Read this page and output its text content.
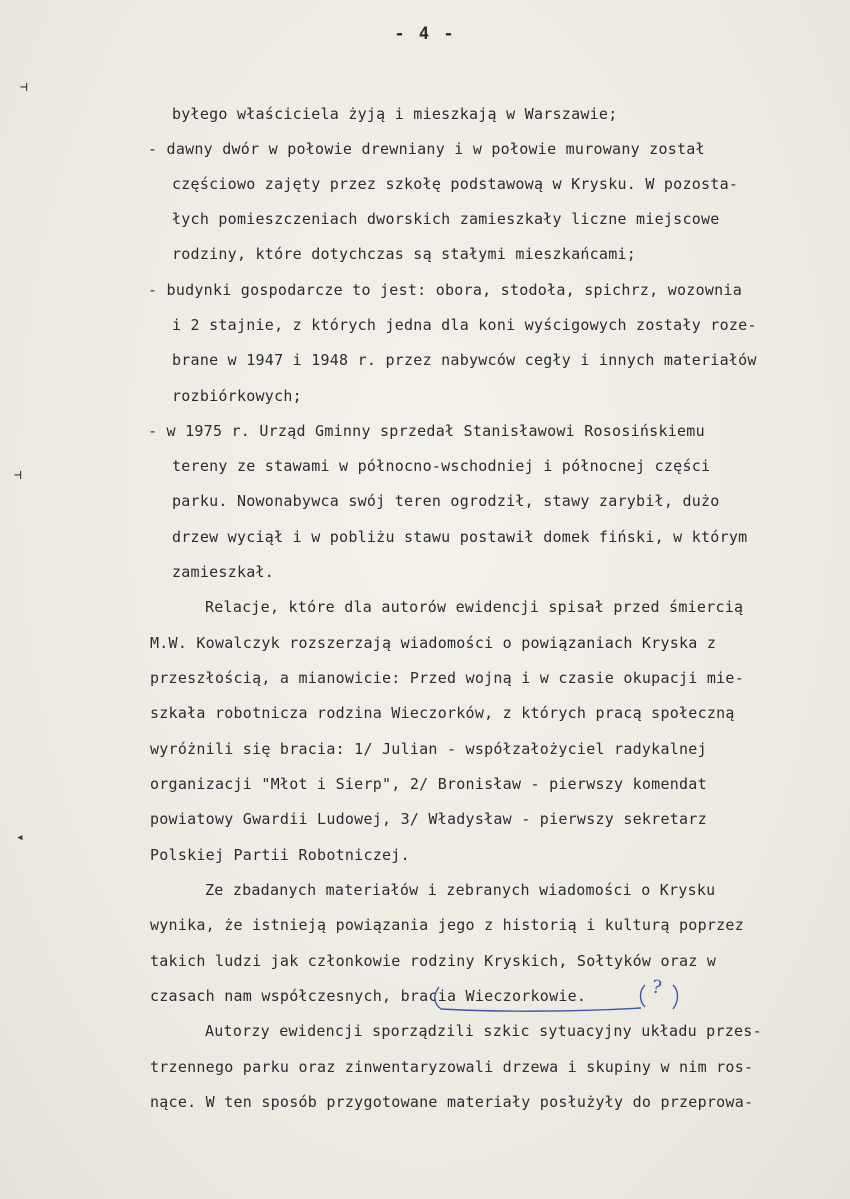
- 4 -
⊣
⊣
◂
byłego właściciela żyją i mieszkają w Warszawie;
- dawny dwór w połowie drewniany i w połowie murowany został
częściowo zajęty przez szkołę podstawową w Krysku. W pozosta-
łych pomieszczeniach dworskich zamieszkały liczne miejscowe
rodziny, które dotychczas są stałymi mieszkańcami;
- budynki gospodarcze to jest: obora, stodoła, spichrz, wozownia
i 2 stajnie, z których jedna dla koni wyścigowych zostały roze-
brane w 1947 i 1948 r. przez nabywców cegły i innych materiałów
rozbiórkowych;
- w 1975 r. Urząd Gminny sprzedał Stanisławowi Rososińskiemu
tereny ze stawami w północno-wschodniej i północnej części
parku. Nowonabywca swój teren ogrodził, stawy zarybił, dużo
drzew wyciął i w pobliżu stawu postawił domek fiński, w którym
zamieszkał.
Relacje, które dla autorów ewidencji spisał przed śmiercią
M.W. Kowalczyk rozszerzają wiadomości o powiązaniach Kryska z
przeszłością, a mianowicie: Przed wojną i w czasie okupacji mie-
szkała robotnicza rodzina Wieczorków, z których pracą społeczną
wyróżnili się bracia: 1/ Julian - współzałożyciel radykalnej
organizacji "Młot i Sierp", 2/ Bronisław - pierwszy komendat
powiatowy Gwardii Ludowej, 3/ Władysław - pierwszy sekretarz
Polskiej Partii Robotniczej.
Ze zbadanych materiałów i zebranych wiadomości o Krysku
wynika, że istnieją powiązania jego z historią i kulturą poprzez
takich ludzi jak członkowie rodziny Kryskich, Sołtyków oraz w
czasach nam współczesnych, bracia Wieczorkowie.
Autorzy ewidencji sporządzili szkic sytuacyjny układu przes-
trzennego parku oraz zinwentaryzowali drzewa i skupiny w nim ros-
nące. W ten sposób przygotowane materiały posłużyły do przeprowa-
?
